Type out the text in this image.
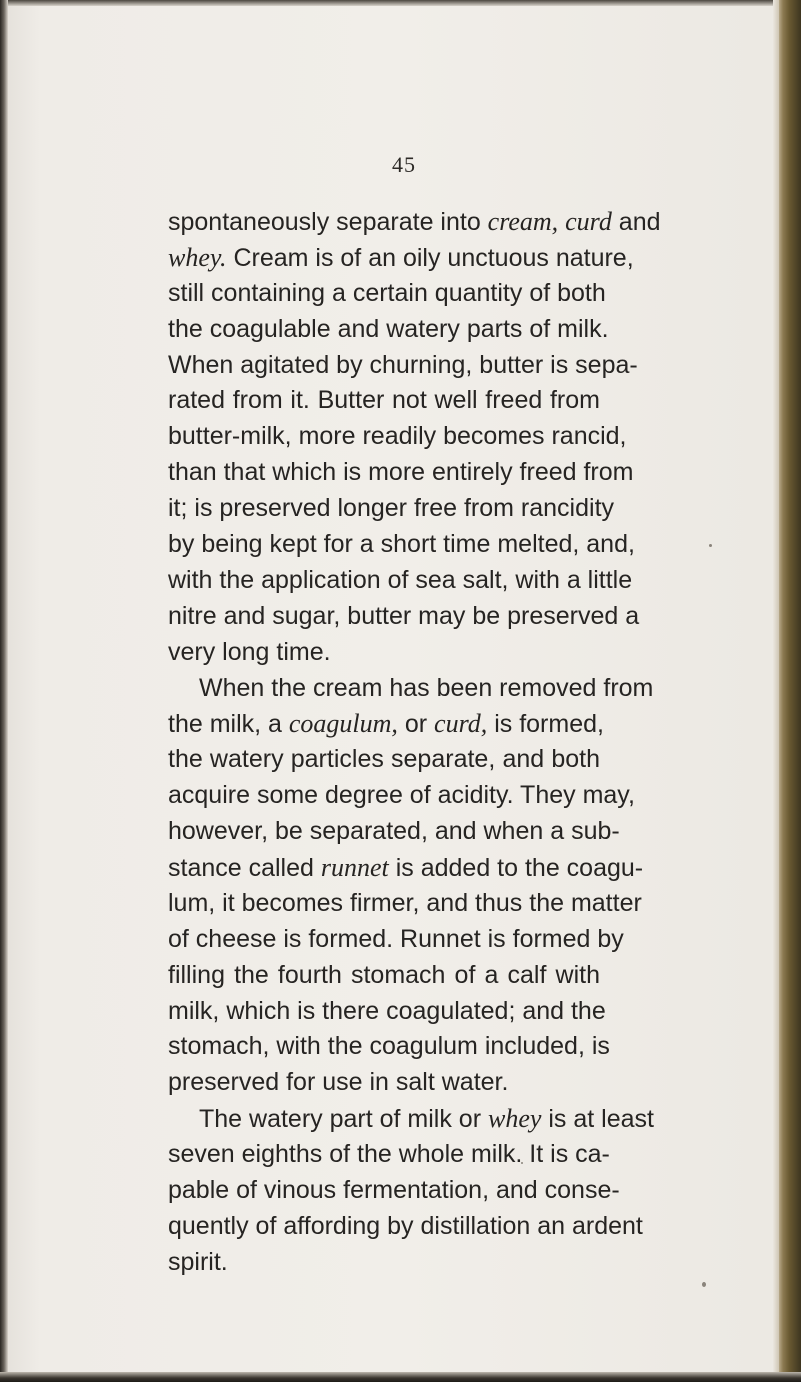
45
spontaneously separate into cream, curd and
whey. Cream is of an oily unctuous nature,
still containing a certain quantity of both
the coagulable and watery parts of milk.
When agitated by churning, butter is sepa-
rated from it. Butter not well freed from
butter-milk, more readily becomes rancid,
than that which is more entirely freed from
it; is preserved longer free from rancidity
by being kept for a short time melted, and,
with the application of sea salt, with a little
nitre and sugar, butter may be preserved a
very long time.
When the cream has been removed from
the milk, a coagulum, or curd, is formed,
the watery particles separate, and both
acquire some degree of acidity. They may,
however, be separated, and when a sub-
stance called runnet is added to the coagu-
lum, it becomes firmer, and thus the matter
of cheese is formed. Runnet is formed by
filling the fourth stomach of a calf with
milk, which is there coagulated; and the
stomach, with the coagulum included, is
preserved for use in salt water.
The watery part of milk or whey is at least
seven eighths of the whole milk. It is ca-
pable of vinous fermentation, and conse-
quently of affording by distillation an ardent
spirit.
